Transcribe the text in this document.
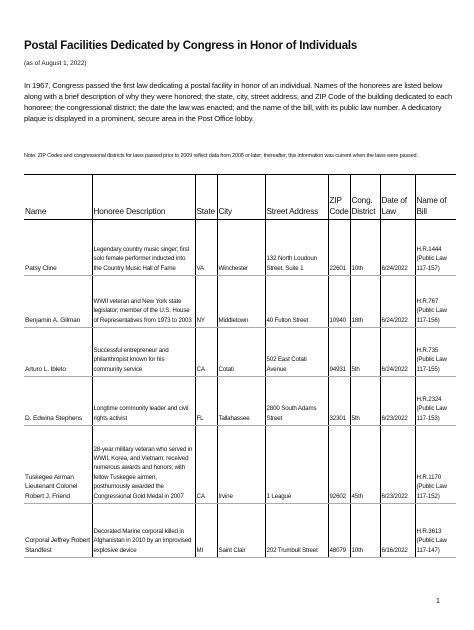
Postal Facilities Dedicated by Congress in Honor of Individuals
(as of August 1, 2022)
In 1967, Congress passed the first law dedicating a postal facility in honor of an individual. Names of the honorees are listed below along with a brief description of why they were honored; the state, city, street address, and ZIP Code of the building dedicated to each honoree; the congressional district; the date the law was enacted; and the name of the bill, with its public law number. A dedicatory plaque is displayed in a prominent, secure area in the Post Office lobby.
Note: ZIP Codes and congressional districts for laws passed prior to 2009 reflect data from 2008 or later; thereafter, this information was current when the laws were passed.
Name	Honoree Description	State	City	Street Address	ZIP Code	Cong. District	Date of Law	Name of Bill
Patsy Cline	Legendary country music singer; first solo female performer inducted into the Country Music Hall of Fame	VA	Winchester	132 North Loudoun Street, Suite 1	22601	10th	6/24/2022	H.R.1444 (Public Law 117-157)
Benjamin A. Gilman	WWII veteran and New York state legislator; member of the U.S. House of Representatives from 1973 to 2003	NY	Middletown	40 Fulton Street	10940	18th	6/24/2022	H.R.767 (Public Law 117-156)
Arturo L. Ibleto	Successful entrepreneur and philanthropist known for his community service	CA	Cotati	502 East Cotati Avenue	94931	5th	6/24/2022	H.R.735 (Public Law 117-155)
D. Edwina Stephens	Longtime community leader and civil rights activist	FL	Tallahassee	2800 South Adams Street	32301	5th	6/23/2022	H.R.2324 (Public Law 117-153)
Tuskegee Airman Lieutenant Colonel Robert J. Friend	28-year military veteran who served in WWII, Korea, and Vietnam; received numerous awards and honors; with fellow Tuskegee airmen, posthumously awarded the Congressional Gold Medal in 2007	CA	Irvine	1 League	92602	45th	6/23/2022	H.R.1170 (Public Law 117-152)
Corporal Jeffrey Robert Standfest	Decorated Marine corporal killed in Afghanistan in 2010 by an improvised explosive device	MI	Saint Clair	202 Trumbull Street	48079	10th	6/16/2022	H.R.3613 (Public Law 117-147)
1
